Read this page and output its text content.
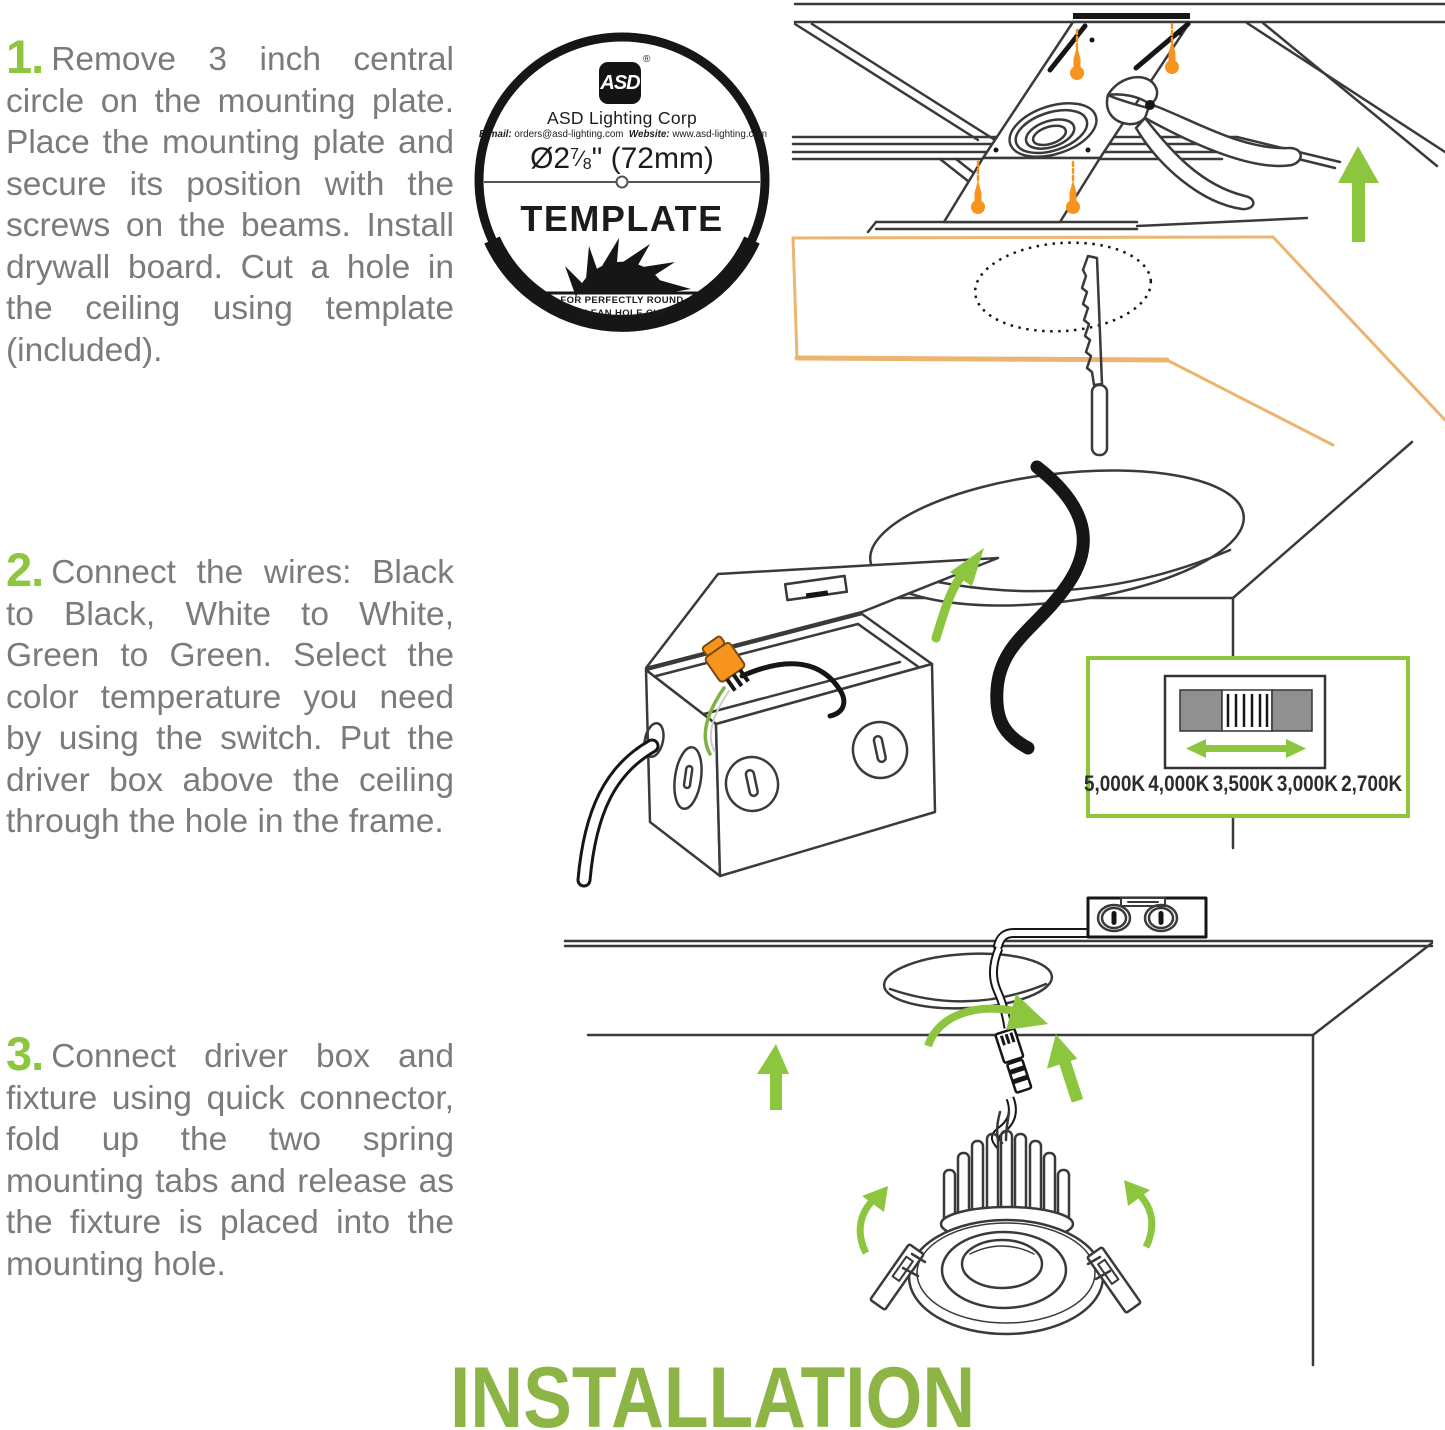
1. Remove 3 inch central circle on the mounting plate. Place the mounting plate and secure its position with the screws on the beams. Install drywall board. Cut a hole in the ceiling using template (included).
2. Connect the wires: Black to Black, White to White, Green to Green. Select the color temperature you need by using the switch. Put the driver box above the ceiling through the hole in the frame.
3. Connect driver box and fixture using quick connector, fold up the two spring mounting tabs and release as the fixture is placed into the mounting hole.
ASD
®
ASD Lighting Corp
E-mail: orders@asd-lighting.com Website: www.asd-lighting.com
$Ø2^7⁄8$" (72mm)
TEMPLATE
FOR PERFECTLY ROUND
CLEAN HOLE CUT
5,000K 4,000K 3,500K 3,000K 2,700K
INSTALLATION
